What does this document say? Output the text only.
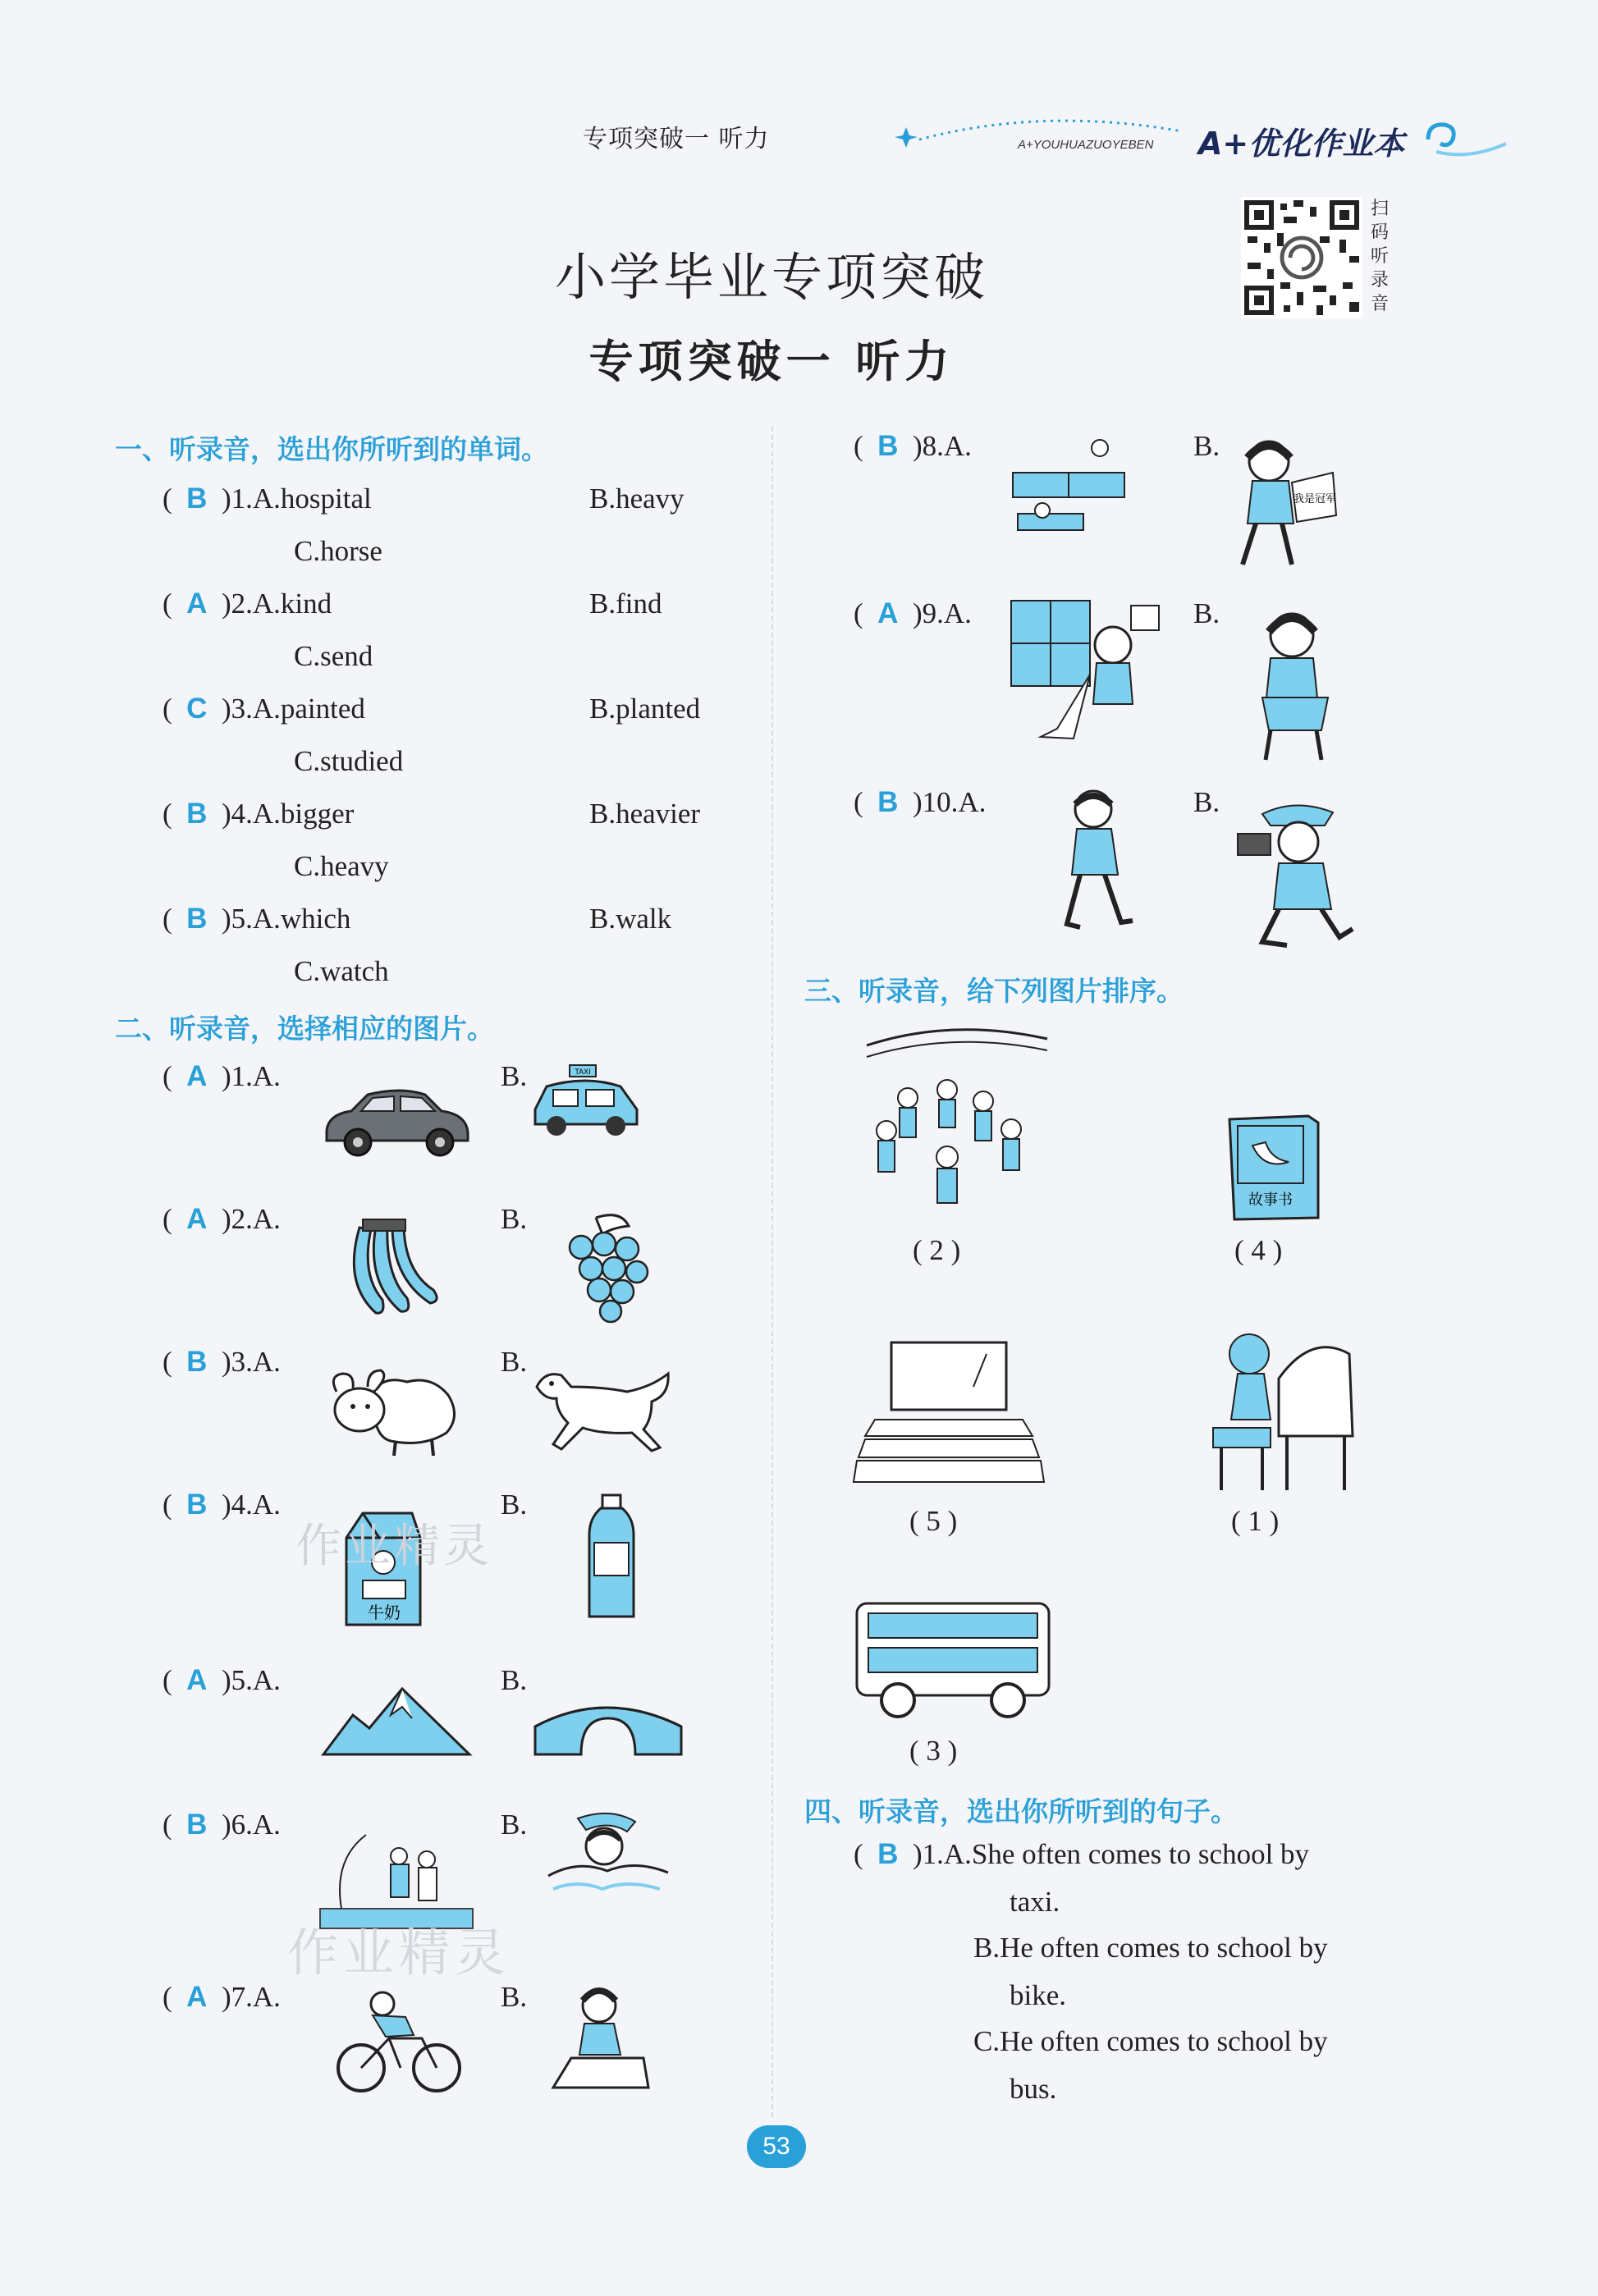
专项突破一 听力	A+YOUHUAZUOYEBEN A+优化作业本
小学毕业专项突破
专项突破一 听力
扫
码
听
录
音
一、听录音，选出你所听到的单词。
(  B )1.A.hospital	B.heavy
C.horse
(  A )2.A.kind	B.find
C.send
(  C )3.A.painted	B.planted
C.studied
(  B )4.A.bigger	B.heavier
C.heavy
(  B )5.A.which	B.walk
C.watch
二、听录音，选择相应的图片。
(  A )1.A.	B.	TAXI
(  A )2.A.	B.
(  B )3.A.	B.
(  B )4.A.	B.
牛奶
(  A )5.A.	B.
(  B )6.A.	B.
(  A )7.A.	B.
(  B )8.A.	B.
我是冠军
(  A )9.A.	B.
(  B )10.A.	B.
三、听录音，给下列图片排序。
( 2 )
故事书
( 4 )
( 5 )	( 1 )
( 3 )
四、听录音，选出你所听到的句子。
(  B )1.A.She often comes to school by
taxi.
B.He often comes to school by
bike.
C.He often comes to school by
bus.
作业精灵
作业精灵
53
